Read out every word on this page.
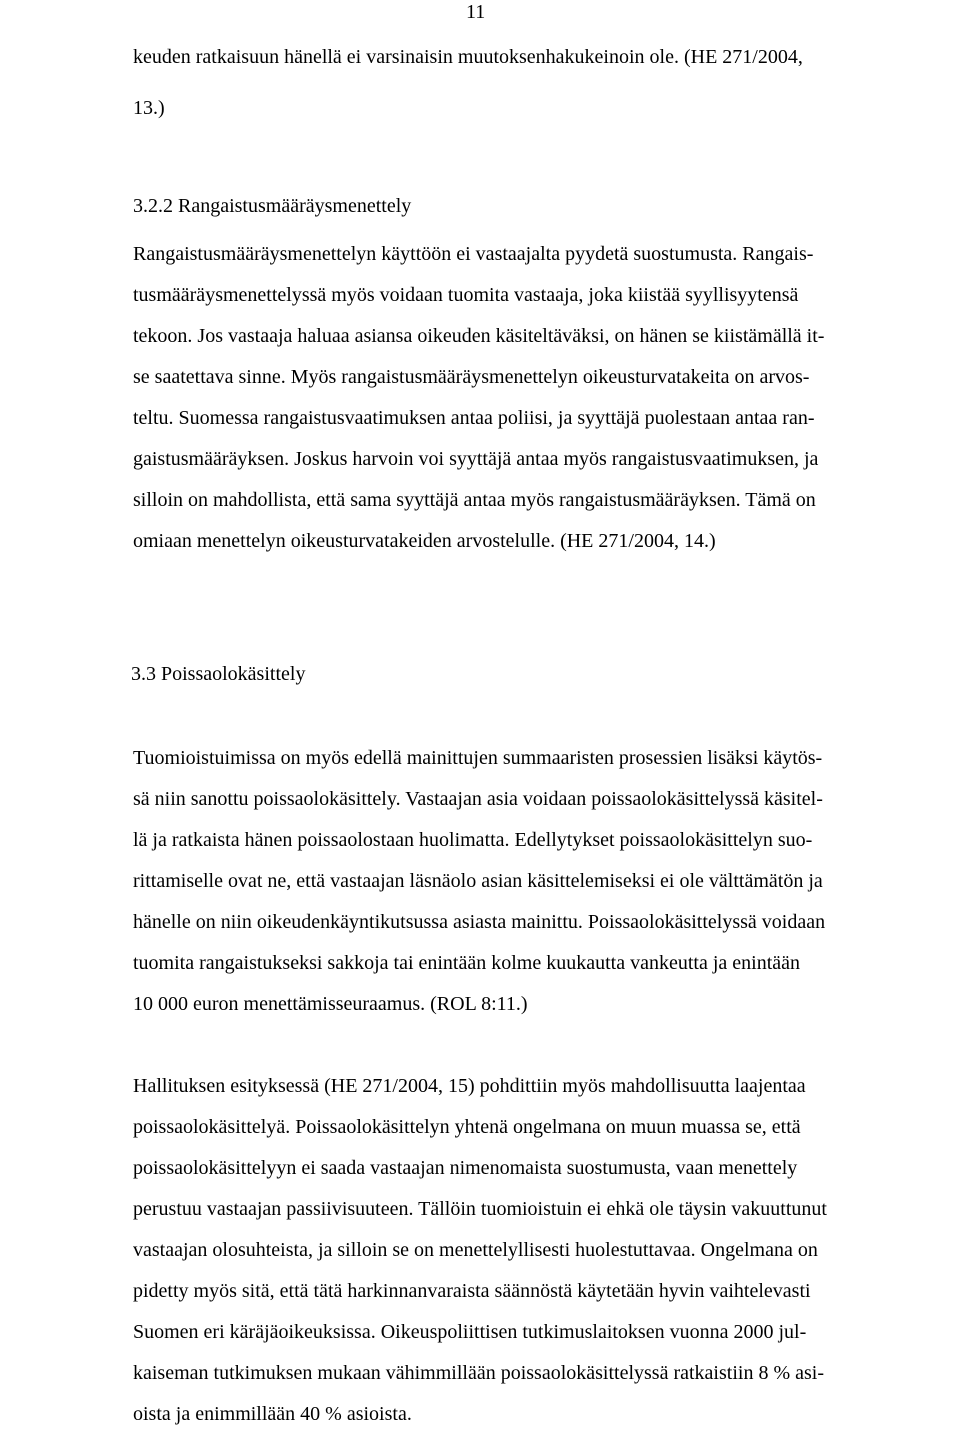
11
keuden ratkaisuun hänellä ei varsinaisin muutoksenhakukeinoin ole. (HE 271/2004,
13.)
3.2.2 Rangaistusmääräysmenettely
Rangaistusmääräysmenettelyn käyttöön ei vastaajalta pyydetä suostumusta. Rangais-
tusmääräysmenettelyssä myös voidaan tuomita vastaaja, joka kiistää syyllisyytensä
tekoon. Jos vastaaja haluaa asiansa oikeuden käsiteltäväksi, on hänen se kiistämällä it-
se saatettava sinne. Myös rangaistusmääräysmenettelyn oikeusturvatakeita on arvos-
teltu. Suomessa rangaistusvaatimuksen antaa poliisi, ja syyttäjä puolestaan antaa ran-
gaistusmääräyksen. Joskus harvoin voi syyttäjä antaa myös rangaistusvaatimuksen, ja
silloin on mahdollista, että sama syyttäjä antaa myös rangaistusmääräyksen. Tämä on
omiaan menettelyn oikeusturvatakeiden arvostelulle. (HE 271/2004, 14.)
3.3 Poissaolokäsittely
Tuomioistuimissa on myös edellä mainittujen summaaristen prosessien lisäksi käytös-
sä niin sanottu poissaolokäsittely. Vastaajan asia voidaan poissaolokäsittelyssä käsitel-
lä ja ratkaista hänen poissaolostaan huolimatta. Edellytykset poissaolokäsittelyn suo-
rittamiselle ovat ne, että vastaajan läsnäolo asian käsittelemiseksi ei ole välttämätön ja
hänelle on niin oikeudenkäyntikutsussa asiasta mainittu. Poissaolokäsittelyssä voidaan
tuomita rangaistukseksi sakkoja tai enintään kolme kuukautta vankeutta ja enintään
10 000 euron menettämisseuraamus. (ROL 8:11.)
Hallituksen esityksessä (HE 271/2004, 15) pohdittiin myös mahdollisuutta laajentaa
poissaolokäsittelyä. Poissaolokäsittelyn yhtenä ongelmana on muun muassa se, että
poissaolokäsittelyyn ei saada vastaajan nimenomaista suostumusta, vaan menettely
perustuu vastaajan passiivisuuteen. Tällöin tuomioistuin ei ehkä ole täysin vakuuttunut
vastaajan olosuhteista, ja silloin se on menettelyllisesti huolestuttavaa. Ongelmana on
pidetty myös sitä, että tätä harkinnanvaraista säännöstä käytetään hyvin vaihtelevasti
Suomen eri käräjäoikeuksissa. Oikeuspoliittisen tutkimuslaitoksen vuonna 2000 jul-
kaiseman tutkimuksen mukaan vähimmillään poissaolokäsittelyssä ratkaistiin 8 % asi-
oista ja enimmillään 40 % asioista.
